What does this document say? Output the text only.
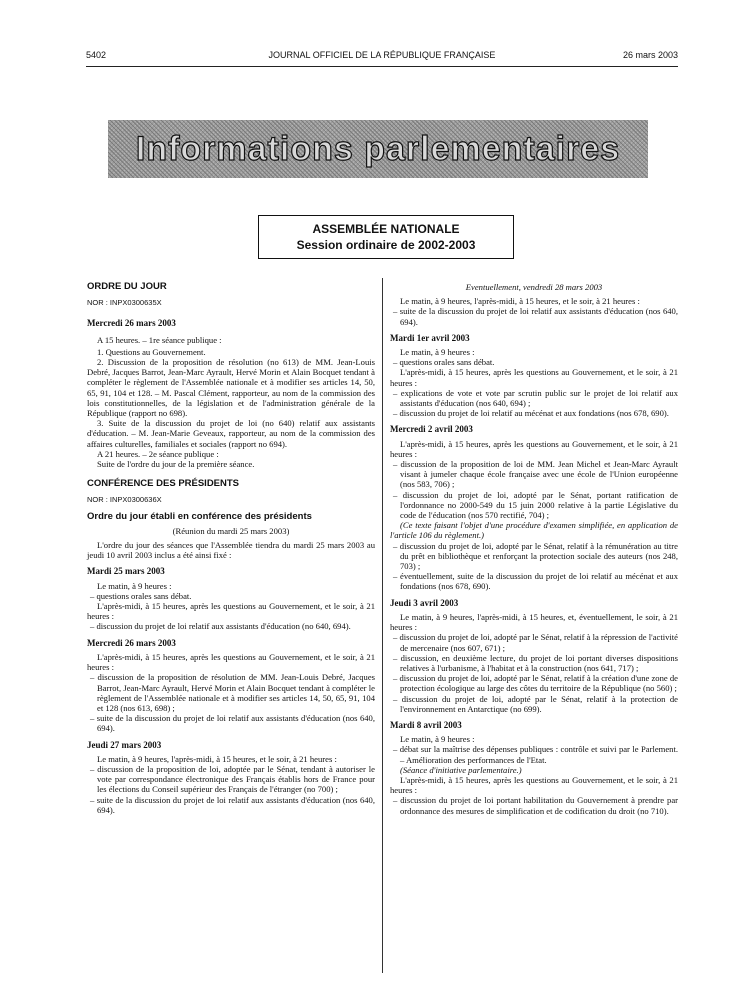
5402	JOURNAL OFFICIEL DE LA RÉPUBLIQUE FRANÇAISE	26 mars 2003
Informations parlementaires
ASSEMBLÉE NATIONALE
Session ordinaire de 2002-2003

ORDRE DU JOUR

NOR : INPX0300635X

Mercredi 26 mars 2003

A 15 heures. – 1re séance publique :

1. Questions au Gouvernement.

2. Discussion de la proposition de résolution (no 613) de MM. Jean-Louis Debré, Jacques Barrot, Jean-Marc Ayrault, Hervé Morin et Alain Bocquet tendant à compléter le règlement de l'Assemblée nationale et à modifier ses articles 14, 50, 65, 91, 104 et 128. – M. Pascal Clément, rapporteur, au nom de la commission des lois constitutionnelles, de la législation et de l'administration générale de la République (rapport no 698).

3. Suite de la discussion du projet de loi (no 640) relatif aux assistants d'éducation. – M. Jean-Marie Geveaux, rapporteur, au nom de la commission des affaires culturelles, familiales et sociales (rapport no 694).

A 21 heures. – 2e séance publique :

Suite de l'ordre du jour de la première séance.

CONFÉRENCE DES PRÉSIDENTS

NOR : INPX0300636X

Ordre du jour établi en conférence des présidents

(Réunion du mardi 25 mars 2003)

L'ordre du jour des séances que l'Assemblée tiendra du mardi 25 mars 2003 au jeudi 10 avril 2003 inclus a été ainsi fixé :

Mardi 25 mars 2003

Le matin, à 9 heures :

– questions orales sans débat.

L'après-midi, à 15 heures, après les questions au Gouvernement, et le soir, à 21 heures :

– discussion du projet de loi relatif aux assistants d'éducation (no 640, 694).

Mercredi 26 mars 2003

L'après-midi, à 15 heures, après les questions au Gouvernement, et le soir, à 21 heures :

– discussion de la proposition de résolution de MM. Jean-Louis Debré, Jacques Barrot, Jean-Marc Ayrault, Hervé Morin et Alain Bocquet tendant à compléter le règlement de l'Assemblée nationale et à modifier ses articles 14, 50, 65, 91, 104 et 128 (nos 613, 698) ;

– suite de la discussion du projet de loi relatif aux assistants d'éducation (nos 640, 694).

Jeudi 27 mars 2003

Le matin, à 9 heures, l'après-midi, à 15 heures, et le soir, à 21 heures :

– discussion de la proposition de loi, adoptée par le Sénat, tendant à autoriser le vote par correspondance électronique des Français établis hors de France pour les élections du Conseil supérieur des Français de l'étranger (no 700) ;

– suite de la discussion du projet de loi relatif aux assistants d'éducation (nos 640, 694).

Eventuellement, vendredi 28 mars 2003

Le matin, à 9 heures, l'après-midi, à 15 heures, et le soir, à 21 heures :

– suite de la discussion du projet de loi relatif aux assistants d'éducation (nos 640, 694).

Mardi 1er avril 2003

Le matin, à 9 heures :

– questions orales sans débat.

L'après-midi, à 15 heures, après les questions au Gouvernement, et le soir, à 21 heures :

– explications de vote et vote par scrutin public sur le projet de loi relatif aux assistants d'éducation (nos 640, 694) ;

– discussion du projet de loi relatif au mécénat et aux fondations (nos 678, 690).

Mercredi 2 avril 2003

L'après-midi, à 15 heures, après les questions au Gouvernement, et le soir, à 21 heures :

– discussion de la proposition de loi de MM. Jean Michel et Jean-Marc Ayrault visant à jumeler chaque école française avec une école de l'Union européenne (nos 583, 706) ;

– discussion du projet de loi, adopté par le Sénat, portant ratification de l'ordonnance no 2000-549 du 15 juin 2000 relative à la partie Législative du code de l'éducation (nos 570 rectifié, 704) ;

(Ce texte faisant l'objet d'une procédure d'examen simplifiée, en application de l'article 106 du règlement.)

– discussion du projet de loi, adopté par le Sénat, relatif à la rémunération au titre du prêt en bibliothèque et renforçant la protection sociale des auteurs (nos 248, 703) ;

– éventuellement, suite de la discussion du projet de loi relatif au mécénat et aux fondations (nos 678, 690).

Jeudi 3 avril 2003

Le matin, à 9 heures, l'après-midi, à 15 heures, et, éventuellement, le soir, à 21 heures :

– discussion du projet de loi, adopté par le Sénat, relatif à la répression de l'activité de mercenaire (nos 607, 671) ;

– discussion, en deuxième lecture, du projet de loi portant diverses dispositions relatives à l'urbanisme, à l'habitat et à la construction (nos 641, 717) ;

– discussion du projet de loi, adopté par le Sénat, relatif à la création d'une zone de protection écologique au large des côtes du territoire de la République (no 560) ;

– discussion du projet de loi, adopté par le Sénat, relatif à la protection de l'environnement en Antarctique (no 699).

Mardi 8 avril 2003

Le matin, à 9 heures :

– débat sur la maîtrise des dépenses publiques : contrôle et suivi par le Parlement. – Amélioration des performances de l'Etat.

(Séance d'initiative parlementaire.)

L'après-midi, à 15 heures, après les questions au Gouvernement, et le soir, à 21 heures :

– discussion du projet de loi portant habilitation du Gouvernement à prendre par ordonnance des mesures de simplification et de codification du droit (no 710).
